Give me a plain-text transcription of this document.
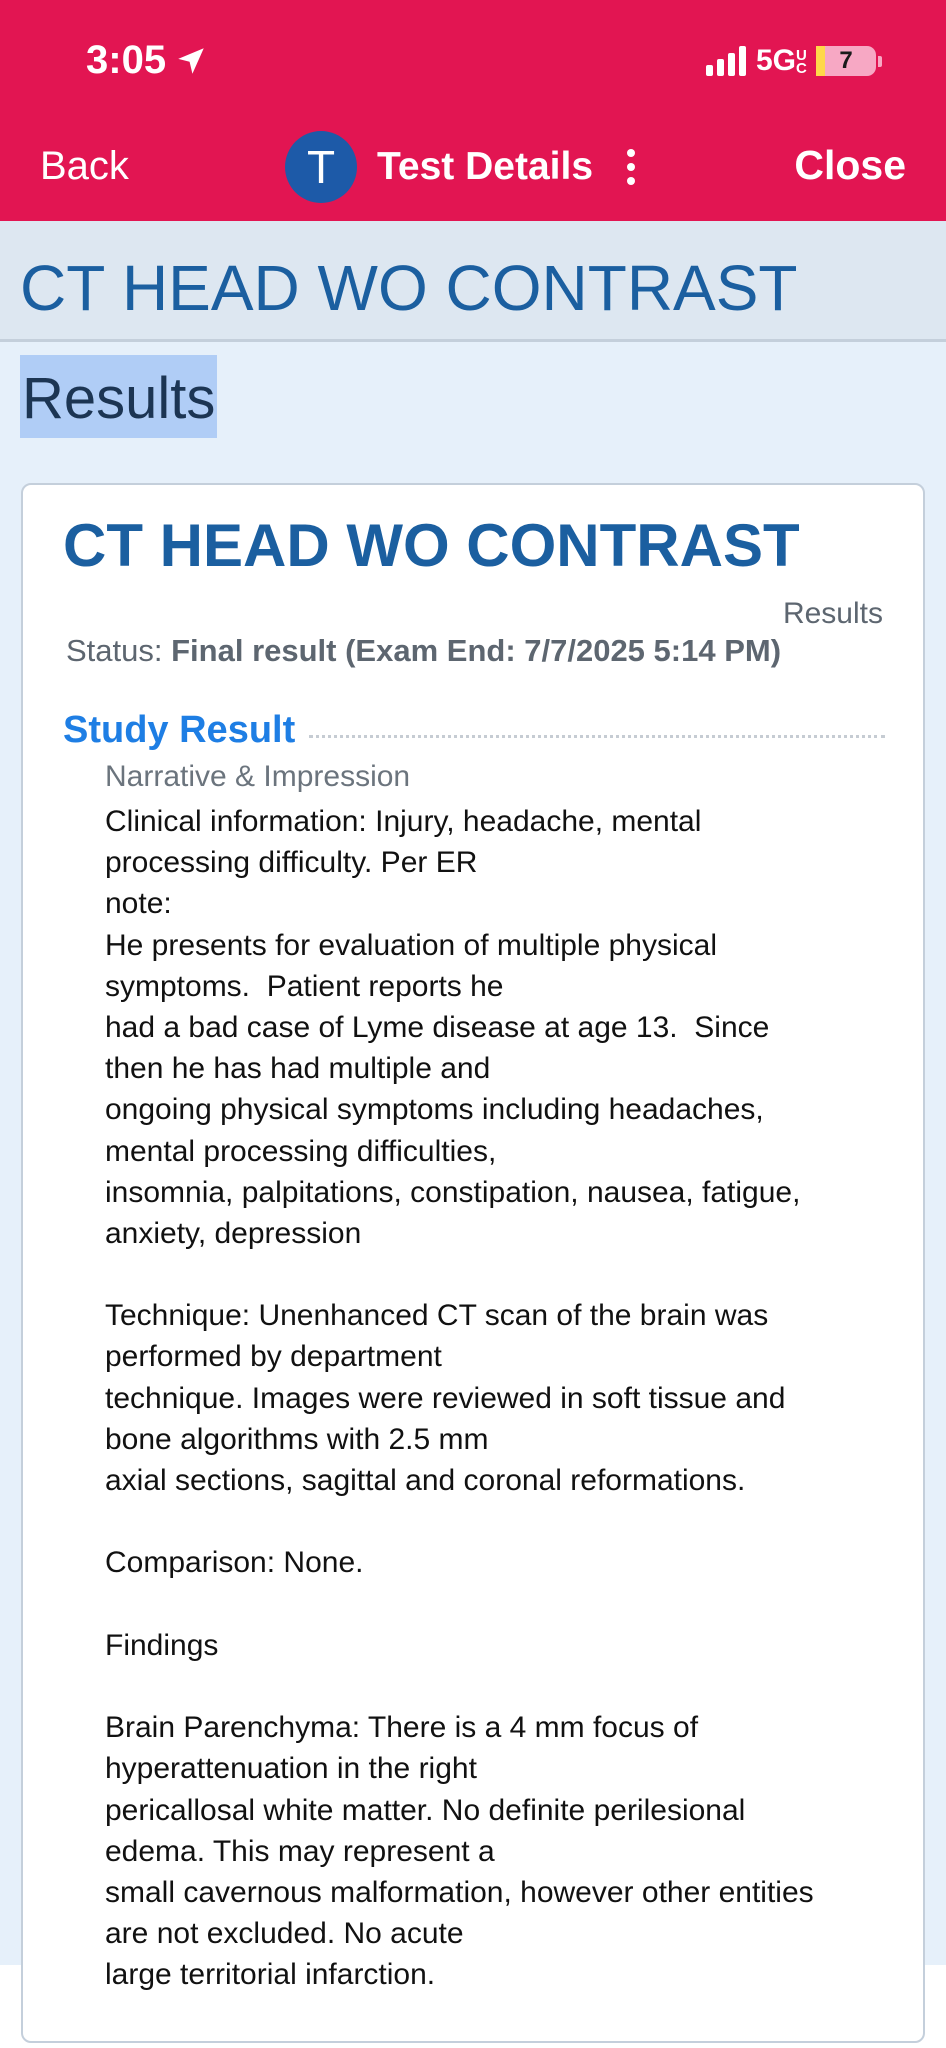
3:05	5GUC 7
Back	T	Test Details	Close
CT HEAD WO CONTRAST
Results
CT HEAD WO CONTRAST
Results
Status: Final result (Exam End: 7/7/2025 5:14 PM)
Study Result
Narrative & Impression
Clinical information: Injury, headache, mental
processing difficulty. Per ER
note:
He presents for evaluation of multiple physical
symptoms.  Patient reports he
had a bad case of Lyme disease at age 13.  Since
then he has had multiple and
ongoing physical symptoms including headaches,
mental processing difficulties,
insomnia, palpitations, constipation, nausea, fatigue,
anxiety, depression
Technique: Unenhanced CT scan of the brain was
performed by department
technique. Images were reviewed in soft tissue and
bone algorithms with 2.5 mm
axial sections, sagittal and coronal reformations.
Comparison: None.
Findings
Brain Parenchyma: There is a 4 mm focus of
hyperattenuation in the right
pericallosal white matter. No definite perilesional
edema. This may represent a
small cavernous malformation, however other entities
are not excluded. No acute
large territorial infarction.
